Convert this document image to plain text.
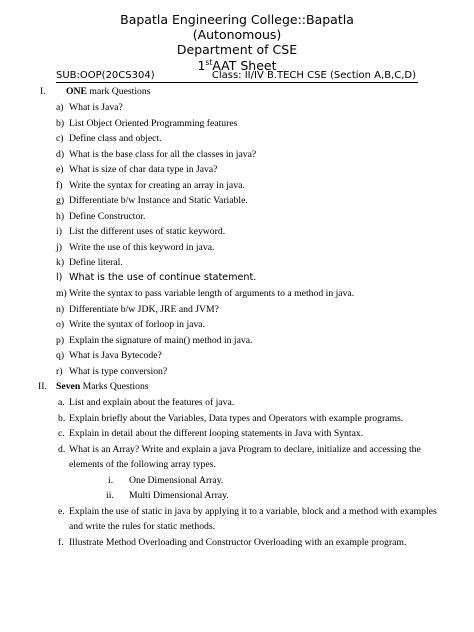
Bapatla Engineering College::Bapatla
(Autonomous)
Department of CSE
1stAAT Sheet
SUB:OOP(20CS304)	Class: II/IV B.TECH CSE (Section A,B,C,D)
I. ONE mark Questions
a) What is Java?
b) List Object Oriented Programming features
c) Define class and object.
d) What is the base class for all the classes in java?
e) What is size of char data type in Java?
f) Write the syntax for creating an array in java.
g) Differentiate b/w Instance and Static Variable.
h) Define Constructor.
i) List the different uses of static keyword.
j) Write the use of this keyword in java.
k) Define literal.
l) What is the use of continue statement.
m) Write the syntax to pass variable length of arguments to a method in java.
n) Differentiate b/w JDK, JRE and JVM?
o) Write the syntax of forloop in java.
p) Explain the signature of main() method in java.
q) What is Java Bytecode?
r) What is type conversion?
II. Seven Marks Questions
a. List and explain about the features of java.
b. Explain briefly about the Variables, Data types and Operators with example programs.
c. Explain in detail about the different looping statements in Java with Syntax.
d. What is an Array? Write and explain a java Program to declare, initialize and accessing the
elements of the following array types.
i. One Dimensional Array.
ii. Multi Dimensional Array.
e. Explain the use of static in java by applying it to a variable, block and a method with examples
and write the rules for static methods.
f. Illustrate Method Overloading and Constructor Overloading with an example program.
